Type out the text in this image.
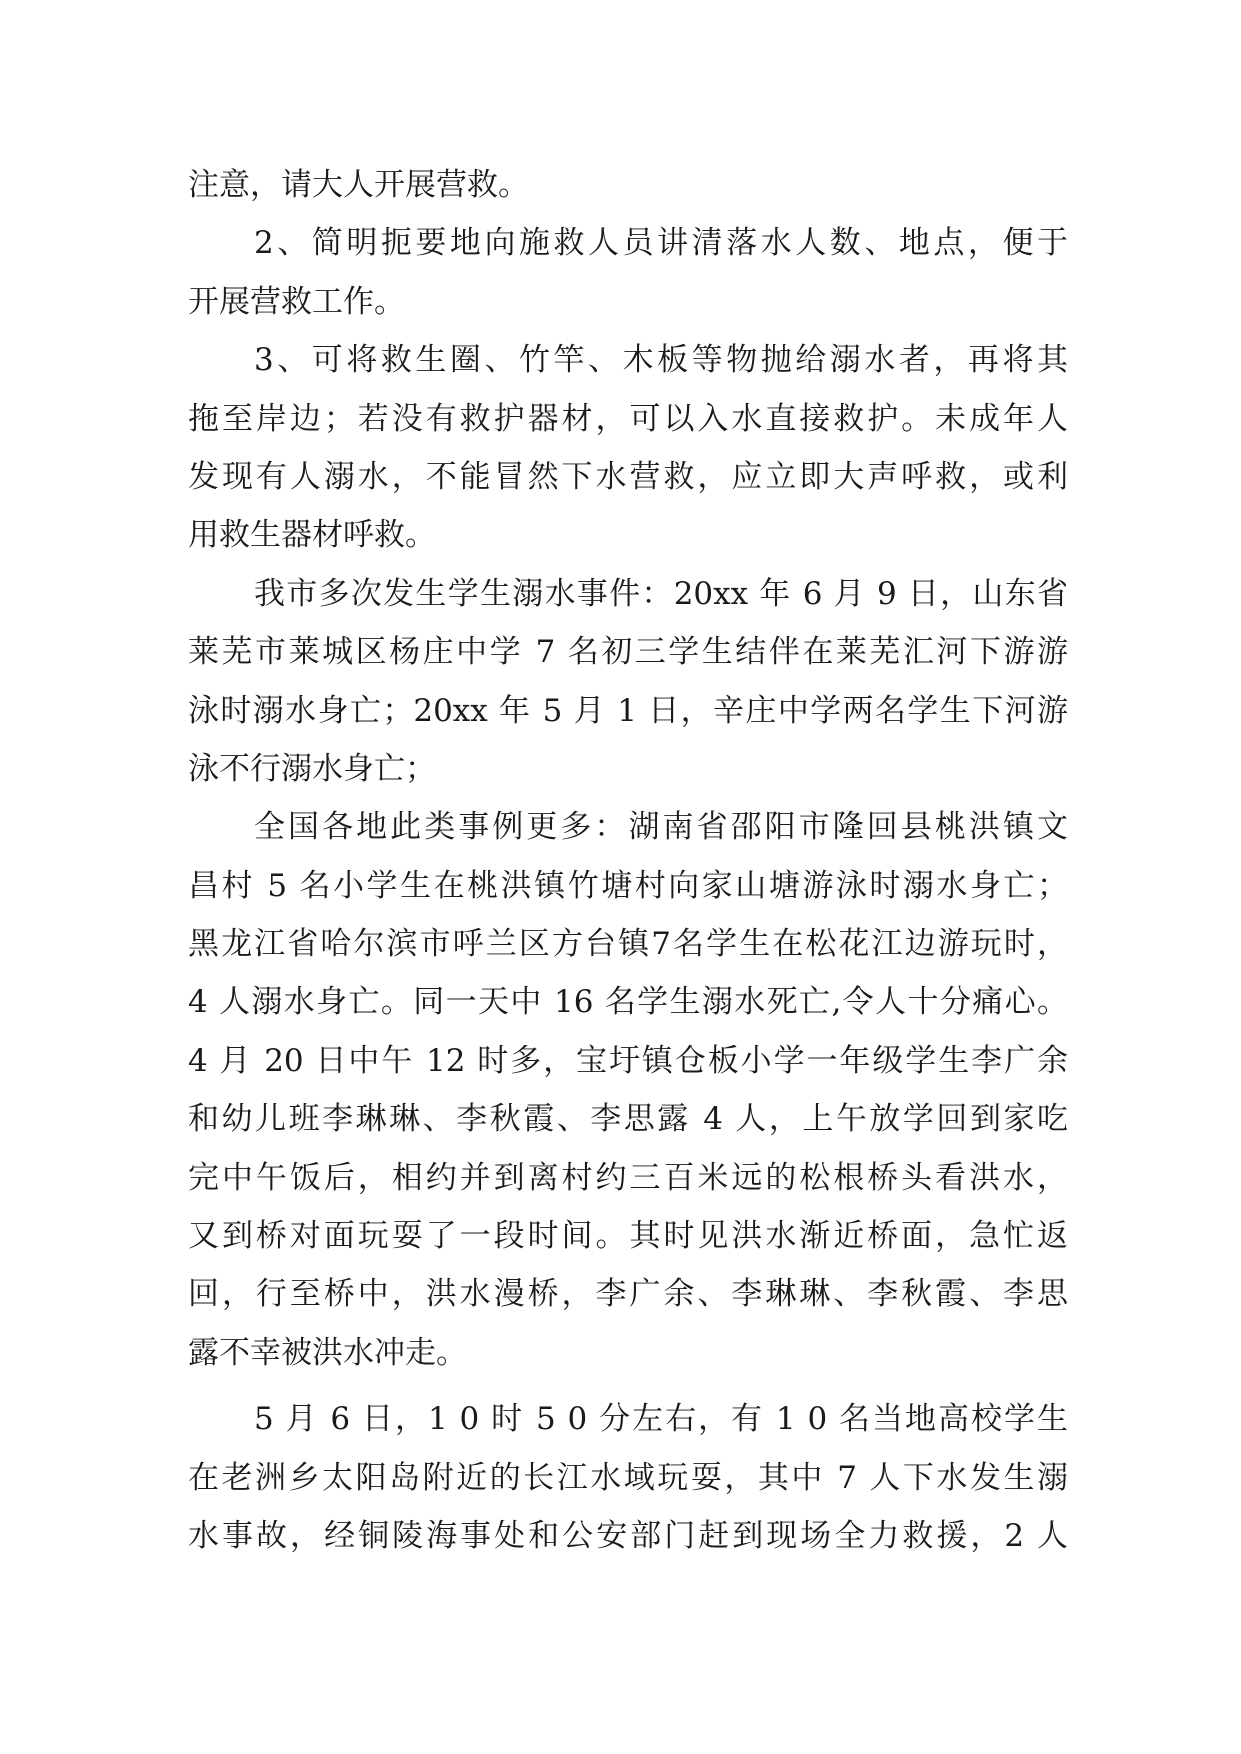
注意，请大人开展营救。
2、简明扼要地向施救人员讲清落水人数、地点，便于
开展营救工作。
3、可将救生圈、竹竿、木板等物抛给溺水者，再将其
拖至岸边；若没有救护器材，可以入水直接救护。未成年人
发现有人溺水，不能冒然下水营救，应立即大声呼救，或利
用救生器材呼救。
我市多次发生学生溺水事件：20xx 年 6 月 9 日，山东省
莱芜市莱城区杨庄中学 7 名初三学生结伴在莱芜汇河下游游
泳时溺水身亡；20xx 年 5 月 1 日，辛庄中学两名学生下河游
泳不行溺水身亡；
全国各地此类事例更多：湖南省邵阳市隆回县桃洪镇文
昌村 5 名小学生在桃洪镇竹塘村向家山塘游泳时溺水身亡；
黑龙江省哈尔滨市呼兰区方台镇7名学生在松花江边游玩时，
4 人溺水身亡。同一天中 16 名学生溺水死亡,令人十分痛心。
4 月 20 日中午 12 时多，宝圩镇仓板小学一年级学生李广余
和幼儿班李琳琳、李秋霞、李思露 4 人，上午放学回到家吃
完中午饭后，相约并到离村约三百米远的松根桥头看洪水，
又到桥对面玩耍了一段时间。其时见洪水渐近桥面，急忙返
回，行至桥中，洪水漫桥，李广余、李琳琳、李秋霞、李思
露不幸被洪水冲走。
5 月 6 日，1 0 时 5 0 分左右，有 1 0 名当地高校学生
在老洲乡太阳岛附近的长江水域玩耍，其中 7 人下水发生溺
水事故，经铜陵海事处和公安部门赶到现场全力救援，2 人
